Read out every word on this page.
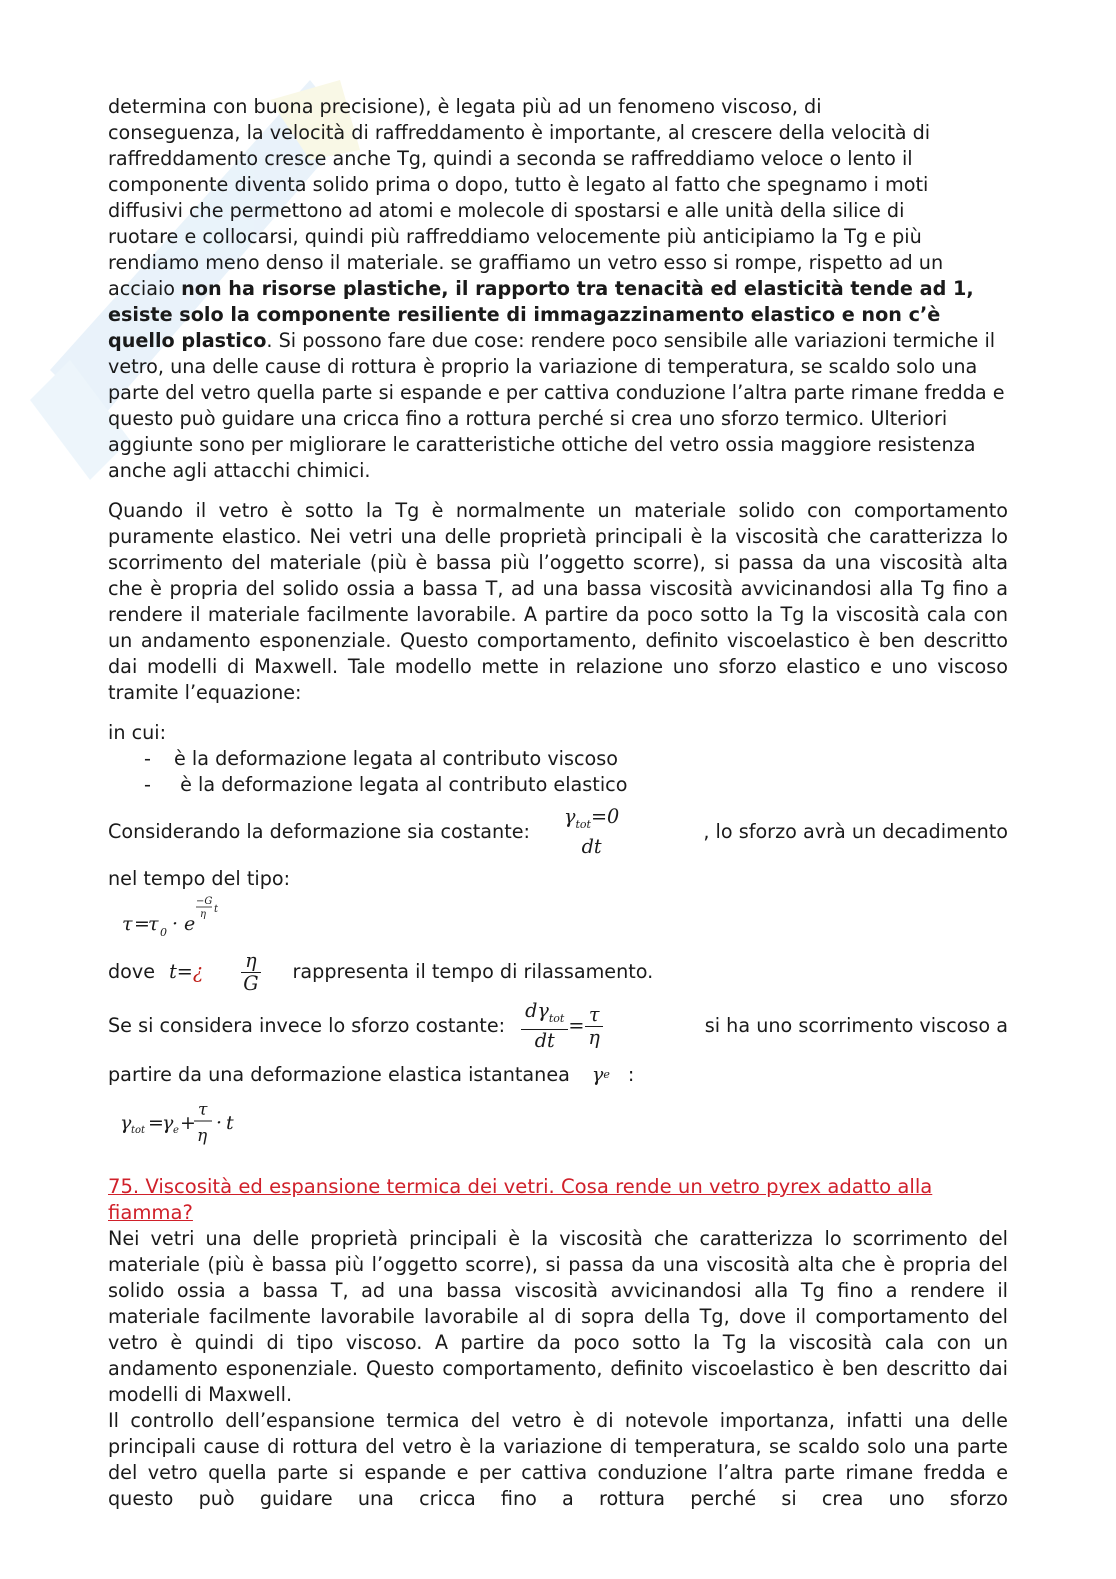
determina con buona precisione), è legata più ad un fenomeno viscoso, di

conseguenza, la velocità di raffreddamento è importante, al crescere della velocità di

raffreddamento cresce anche Tg, quindi a seconda se raffreddiamo veloce o lento il

componente diventa solido prima o dopo, tutto è legato al fatto che spegnamo i moti

diffusivi che permettono ad atomi e molecole di spostarsi e alle unità della silice di

ruotare e collocarsi, quindi più raffreddiamo velocemente più anticipiamo la Tg e più

rendiamo meno denso il materiale. se graffiamo un vetro esso si rompe, rispetto ad un

acciaio non ha risorse plastiche, il rapporto tra tenacità ed elasticità tende ad 1, esiste solo la componente resiliente di immagazzinamento elastico e non c’è quello plastico. Si possono fare due cose: rendere poco sensibile alle variazioni termiche il vetro, una delle cause di rottura è proprio la variazione di temperatura, se scaldo solo una parte del vetro quella parte si espande e per cattiva conduzione l’altra parte rimane fredda e questo può guidare una cricca fino a rottura perché si crea uno sforzo termico. Ulteriori aggiunte sono per migliorare le caratteristiche ottiche del vetro ossia maggiore resistenza anche agli attacchi chimici.

Quando il vetro è sotto la Tg è normalmente un materiale solido con comportamento puramente elastico. Nei vetri una delle proprietà principali è la viscosità che caratterizza lo scorrimento del materiale (più è bassa più l’oggetto scorre), si passa da una viscosità alta che è propria del solido ossia a bassa T, ad una bassa viscosità avvicinandosi alla Tg fino a rendere il materiale facilmente lavorabile. A partire da poco sotto la Tg la viscosità cala con un andamento esponenziale. Questo comportamento, definito viscoelastico è ben descritto dai modelli di Maxwell. Tale modello mette in relazione uno sforzo elastico e uno viscoso tramite l’equazione:

in cui:

- è la deformazione legata al contributo viscoso
- è la deformazione legata al contributo elastico
Considerando la deformazione sia costante:
$\gamma_{tot}=0$
dt
, lo sforzo avrà un decadimento

nel tempo del tipo:

τ =
τ 0 · e
−G
η t
dove t= ¿ $\frac{\eta}{G}$ rappresenta il tempo di rilassamento.
Se si considera invece lo sforzo costante: $\frac{d\gamma_{tot}}{dt} = \frac{\tau}{\eta}$	si ha uno scorrimento viscoso a
partire da una deformazione elastica istantanea γ e :
γ tot =
γ e +
τ
η
· t

75. Viscosità ed espansione termica dei vetri. Cosa rende un vetro pyrex adatto alla fiamma?

Nei vetri una delle proprietà principali è la viscosità che caratterizza lo scorrimento del materiale (più è bassa più l’oggetto scorre), si passa da una viscosità alta che è propria del solido ossia a bassa T, ad una bassa viscosità avvicinandosi alla Tg fino a rendere il materiale facilmente lavorabile lavorabile al di sopra della Tg, dove il comportamento del vetro è quindi di tipo viscoso. A partire da poco sotto la Tg la viscosità cala con un andamento esponenziale. Questo comportamento, definito viscoelastico è ben descritto dai modelli di Maxwell.

Il controllo dell’espansione termica del vetro è di notevole importanza, infatti una delle principali cause di rottura del vetro è la variazione di temperatura, se scaldo solo una parte del vetro quella parte si espande e per cattiva conduzione l’altra parte rimane fredda e questo può guidare una cricca fino a rottura perché si crea uno sforzo
